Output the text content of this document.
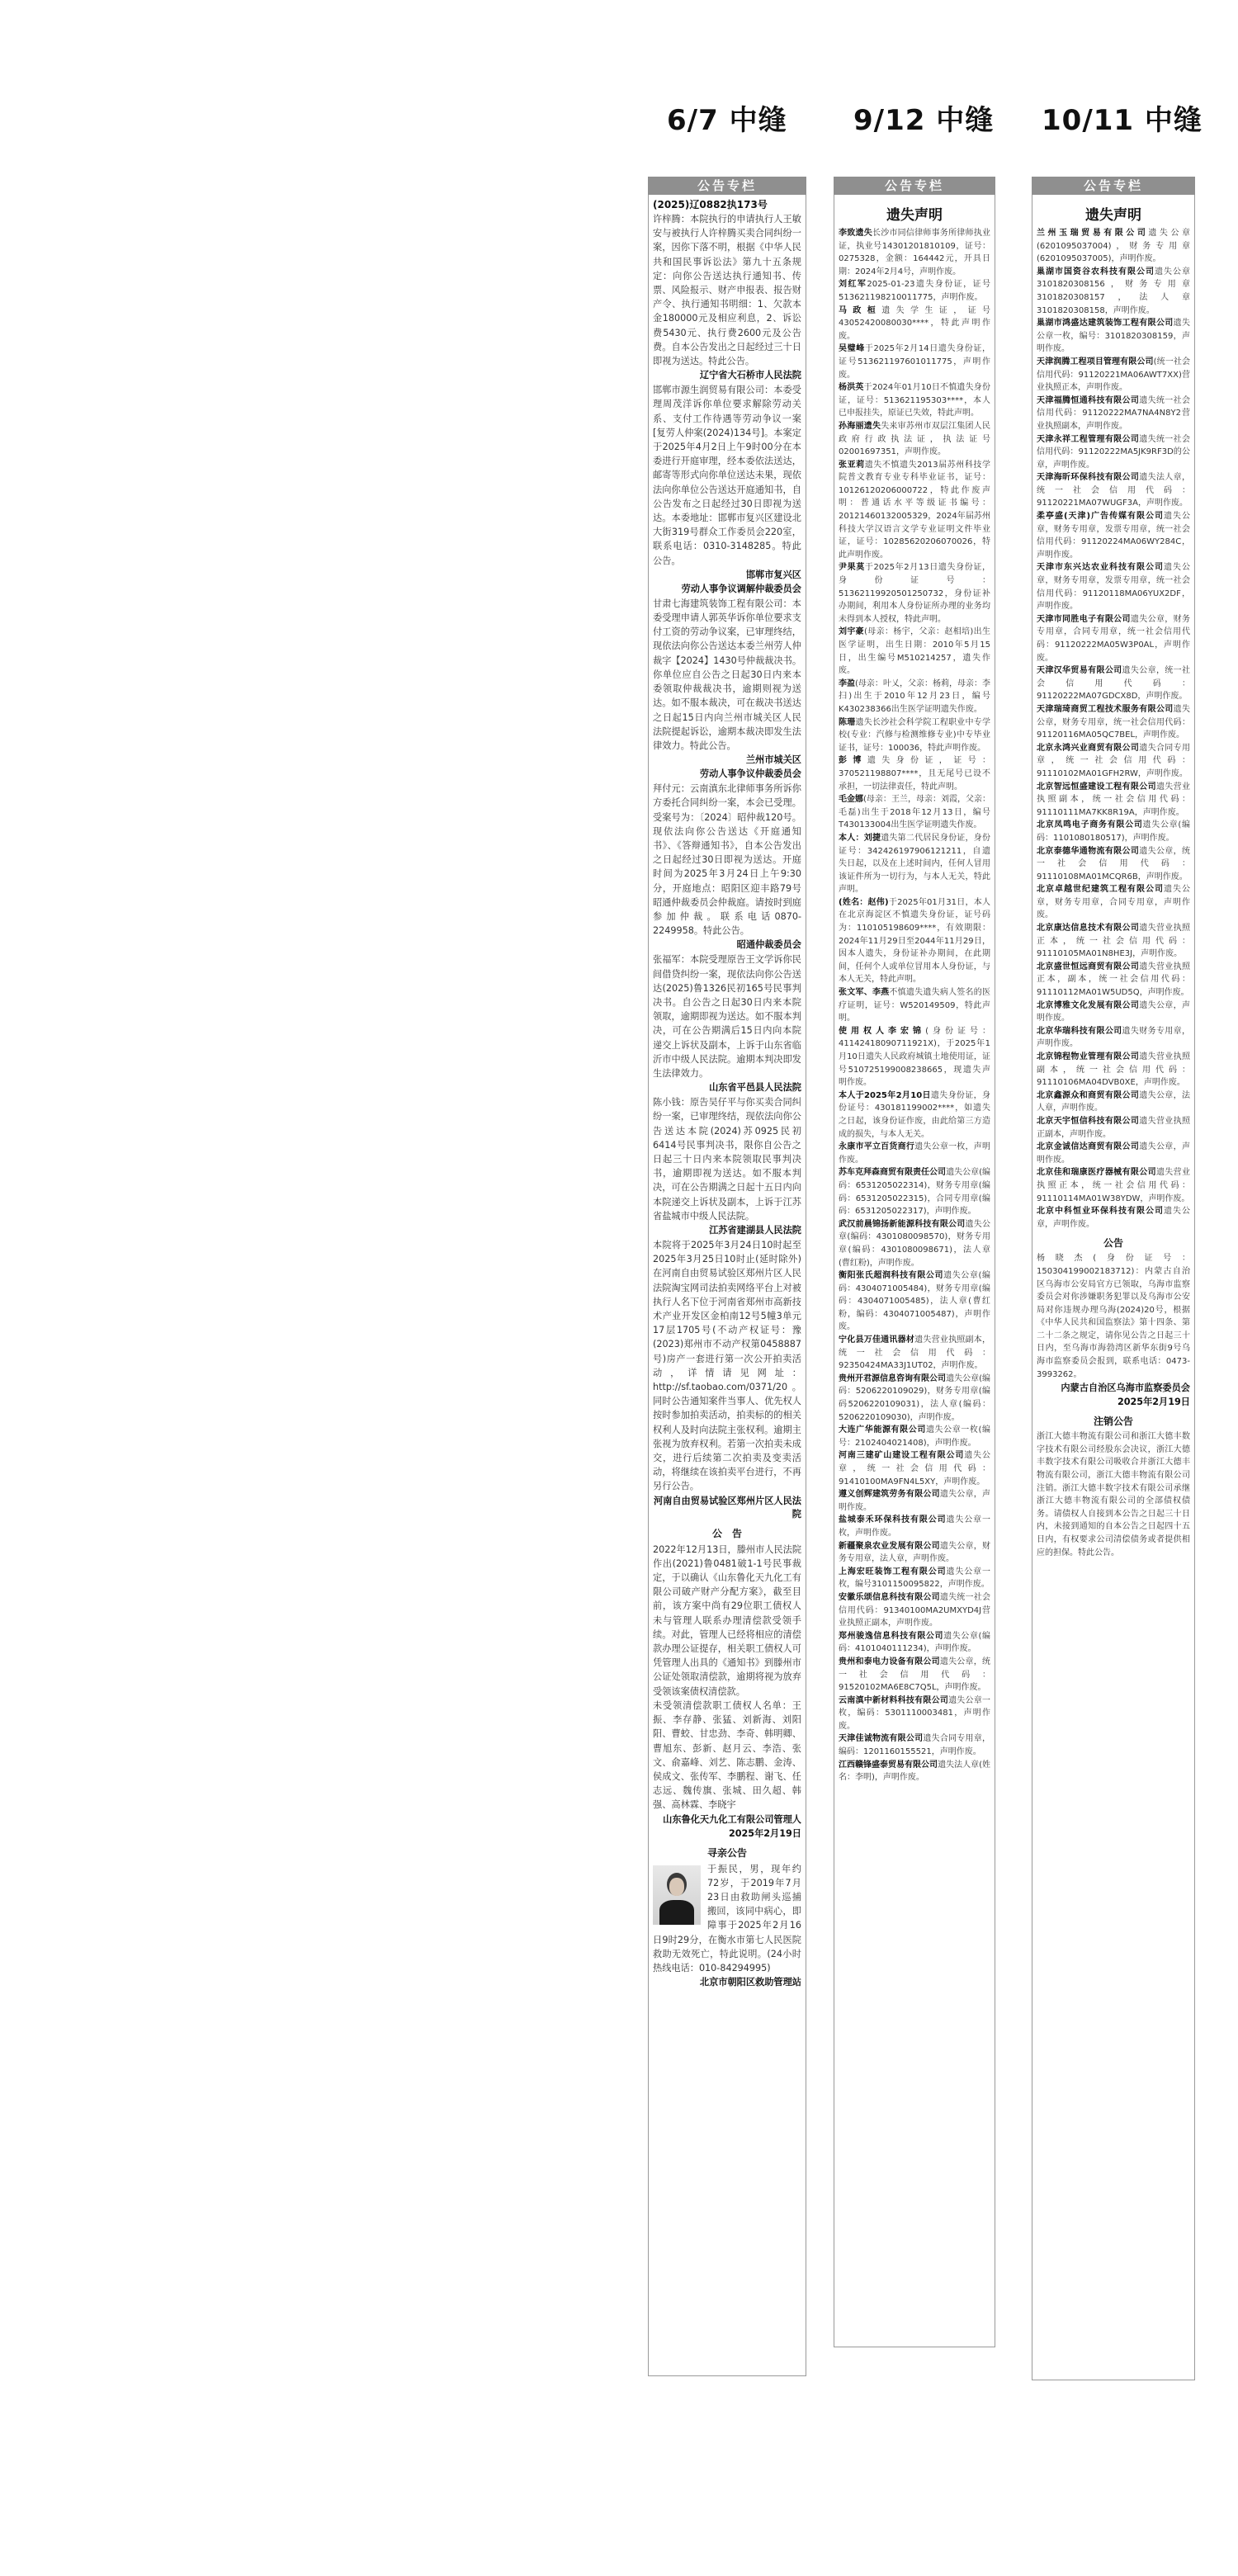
6/7 中缝 9/12 中缝 10/11 中缝
公告专栏
(2025)辽0882执173号

许梓腾：本院执行的申请执行人王敏安与被执行人许梓腾买卖合同纠纷一案，因你下落不明，根据《中华人民共和国民事诉讼法》第九十五条规定：向你公告送达执行通知书、传票、风险报示、财产申报表、报告财产令、执行通知书明细：1、欠款本金180000元及相应利息，2、诉讼费5430元、执行费2600元及公告费。自本公告发出之日起经过三十日即视为送达。特此公告。

辽宁省大石桥市人民法院

邯郸市源生润贸易有限公司：本委受理周茂洋诉你单位要求解除劳动关系、支付工作待遇等劳动争议一案[复劳人仲案(2024)134号]。本案定于2025年4月2日上午9时00分在本委进行开庭审理，经本委依法送达，邮寄等形式向你单位送达未果，现依法向你单位公告送达开庭通知书，自公告发布之日起经过30日即视为送达。本委地址：邯郸市复兴区建设北大街319号群众工作委员会220室，联系电话：0310-3148285。特此公告。

邯郸市复兴区
劳动人事争议调解仲裁委员会

甘肃七海建筑装饰工程有限公司：本委受理申请人郭英华诉你单位要求支付工资的劳动争议案，已审理终结，现依法向你公告送达本委兰州劳人仲裁字【2024】1430号仲裁裁决书。你单位应自公告之日起30日内来本委领取仲裁裁决书，逾期则视为送达。如不服本裁决，可在裁决书送达之日起15日内向兰州市城关区人民法院提起诉讼，逾期本裁决即发生法律效力。特此公告。

兰州市城关区
劳动人事争议仲裁委员会

拜付元：云南滇东北律师事务所诉你方委托合同纠纷一案，本会已受理。受案号为：〔2024〕昭仲裁120号。现依法向你公告送达《开庭通知书》、《答辩通知书》，自本公告发出之日起经过30日即视为送达。开庭时间为2025年3月24日上午9:30分，开庭地点：昭阳区迎丰路79号昭通仲裁委员会仲裁庭。请按时到庭参加仲裁。联系电话0870-2249958。特此公告。

昭通仲裁委员会

张福军：本院受理原告王文学诉你民间借贷纠纷一案，现依法向你公告送达(2025)鲁1326民初165号民事判决书。自公告之日起30日内来本院领取，逾期即视为送达。如不服本判决，可在公告期满后15日内向本院递交上诉状及副本，上诉于山东省临沂市中级人民法院。逾期本判决即发生法律效力。

山东省平邑县人民法院

陈小钱：原告吴仔平与你买卖合同纠纷一案，已审理终结，现依法向你公告送达本院(2024)苏0925民初6414号民事判决书，限你自公告之日起三十日内来本院领取民事判决书，逾期即视为送达。如不服本判决，可在公告期满之日起十五日内向本院递交上诉状及副本，上诉于江苏省盐城市中级人民法院。

江苏省建湖县人民法院

本院将于2025年3月24日10时起至2025年3月25日10时止(延时除外)在河南自由贸易试验区郑州片区人民法院淘宝网司法拍卖网络平台上对被执行人名下位于河南省郑州市高新技术产业开发区金柏南12号5幢3单元17层1705号(不动产权证号：豫(2023)郑州市不动产权第0458887号)房产一套进行第一次公开拍卖活动，详情请见网址：http://sf.taobao.com/0371/20。同时公告通知案件当事人、优先权人按时参加拍卖活动，拍卖标的的相关权利人及时向法院主张权利。逾期主张视为放弃权利。若第一次拍卖未成交，进行后续第二次拍卖及变卖活动，将继续在该拍卖平台进行，不再另行公告。

河南自由贸易试验区郑州片区人民法院
公　告

2022年12月13日，滕州市人民法院作出(2021)鲁0481破1-1号民事裁定，于以确认《山东鲁化天九化工有限公司破产财产分配方案》，截至目前，该方案中尚有29位职工债权人未与管理人联系办理清偿款受领手续。对此，管理人已经将相应的清偿款办理公证提存，相关职工债权人可凭管理人出具的《通知书》到滕州市公证处领取清偿款，逾期将视为放弃受领该案债权清偿款。

未受领清偿款职工债权人名单：王振、李存静、张猛、刘新海、刘阳阳、曹蛟、甘忠劲、李奇、韩明卿、曹旭东、彭新、赵月云、李浩、张文、俞嘉峰、刘艺、陈志鹏、金涛、侯成文、张传军、李鹏程、谢飞、任志远、魏传旗、张城、田久超、韩强、高林霖、李晓宇

山东鲁化天九化工有限公司管理人
2025年2月19日
寻亲公告

于振民，男，现年约72岁，于2019年7月23日由救助闸头巡捕搬回，该同中病心，即障事于2025年2月16日9时29分，在衡水市第七人民医院救助无效死亡，特此说明。(24小时热线电话：010-84294995)

北京市朝阳区救助管理站
公告专栏
遗失声明

李致遗失长沙市同信律师事务所律师执业证，执业号14301201810109，证号：0275328，金额：164442元，开具日期：2024年2月4号，声明作废。

刘红军2025-01-23遗失身份证，证号513621198210011775，声明作废。

马政桓遗失学生证，证号43052420080030****，特此声明作废。

吴璧峰于2025年2月14日遗失身份证，证号513621197601011775，声明作废。

杨洪英于2024年01月10日不慎遗失身份证，证号：513621195303****，本人已申报挂失，原证已失效，特此声明。

孙海丽遗失失来审苏州市双层江集团人民政府行政执法证，执法证号02001697351，声明作废。

张亚莉遗失不慎遗失2013届苏州科技学院普文教育专业专科毕业证书，证号：10126120206000722，特此作废声明：普通话水平等级证书编号：20121460132005329，2024年届苏州科技大学汉语言文学专业证明文件毕业证，证号：10285620206070026，特此声明作废。

尹果莫于2025年2月13日遗失身份证，身份证号：51362119920501250732，身份证补办期间，利用本人身份证所办理的业务均未得到本人授权，特此声明。

刘宇豪(母亲：杨宇，父亲：赵相培)出生医学证明，出生日期：2010年5月15日，出生编号M510214257，遗失作废。

李盈(母亲：叶乂，父亲：杨莉，母亲：李扫)出生于2010年12月23日，编号K430238366出生医学证明遗失作废。

陈珊遗失长沙社会科学院工程职业中专学校(专业：汽修与检测维修专业)中专毕业证书，证号：100036，特此声明作废。

彭博遗失身份证，证号：370521198807****，且无尾号已设不承担，一切法律责任，特此声明。

毛金娜(母亲：王兰，母亲：刘霞，父亲：毛磊)出生于2018年12月13日，编号T430133004出生医学证明遗失作废。

本人：刘捷遗失第二代居民身份证，身份证号：342426197906121211，自遗失日起，以及在上述时间内，任何人冒用该证件所为一切行为，与本人无关，特此声明。

(姓名：赵伟)于2025年01月31日，本人在北京海淀区不慎遗失身份证，证号码为：110105198609****，有效期限：2024年11月29日至2044年11月29日，因本人遗失，身份证补办期间，在此期间，任何个人或单位冒用本人身份证，与本人无关，特此声明。

张文军、李燕不慎遗失遗失病人签名的医疗证明，证号：W520149509，特此声明。

使用权人李宏锦(身份证号：41142418090711921X)，于2025年1月10日遗失人民政府城镇土地使用证，证号510725199008238665，现遗失声明作废。

本人于2025年2月10日遗失身份证，身份证号：430181199002****，如遗失之日起，该身份证作废，由此给第三方造成的损失，与本人无关。

永康市平立百货商行遗失公章一枚，声明作废。

苏车克拜森商贸有限责任公司遗失公章(编码：6531205022314)，财务专用章(编码：6531205022315)，合同专用章(编码：6531205022317)，声明作废。

武汉前晨锦扬新能源科技有限公司遗失公章(编码：4301080098570)，财务专用章(编码：4301080098671)，法人章(曹红粉)，声明作废。

衡阳张氏超润科技有限公司遗失公章(编码：4304071005484)，财务专用章(编码：4304071005485)，法人章(曹红粉，编码：4304071005487)，声明作废。

宁化县万佳通讯器材遗失营业执照副本，统一社会信用代码：92350424MA33J1UT02，声明作废。

贵州开君源信息咨询有限公司遗失公章(编码：5206220109029)，财务专用章(编码5206220109031)，法人章(编码：5206220109030)，声明作废。

大连广华能源有限公司遗失公章一枚(编号：2102404021408)，声明作废。

河南三建矿山建设工程有限公司遗失公章，统一社会信用代码：91410100MA9FN4L5XY，声明作废。

遵义创辉建筑劳务有限公司遗失公章，声明作废。

盐城泰禾环保科技有限公司遗失公章一枚，声明作废。

新疆聚泉农业发展有限公司遗失公章，财务专用章，法人章，声明作废。

上海宏旺装饰工程有限公司遗失公章一枚，编号3101150095822，声明作废。

安徽乐颂信息科技有限公司遗失统一社会信用代码：91340100MA2UMXYD4J营业执照正副本，声明作废。

郑州骏逸信息科技有限公司遗失公章(编码：4101040111234)，声明作废。

贵州和泰电力设备有限公司遗失公章，统一社会信用代码：91520102MA6E8C7Q5L，声明作废。

云南滇中新材料科技有限公司遗失公章一枚，编码：5301110003481，声明作废。

天津佳诚物流有限公司遗失合同专用章，编码：1201160155521，声明作废。

江西赣锋盛泰贸易有限公司遗失法人章(姓名：李明)，声明作废。

公告专栏
遗失声明

兰州玉瑞贸易有限公司遗失公章(6201095037004)，财务专用章(6201095037005)，声明作废。

巢湖市国资谷农科技有限公司遗失公章3101820308156，财务专用章3101820308157，法人章3101820308158，声明作废。

巢湖市鸿盛达建筑装饰工程有限公司遗失公章一枚，编号：3101820308159，声明作废。

天津润腾工程项目管理有限公司(统一社会信用代码：91120221MA06AWT7XX)营业执照正本，声明作废。

天津福腾恒通科技有限公司遗失统一社会信用代码：91120222MA7NA4N8Y2营业执照副本，声明作废。

天津永祥工程管理有限公司遗失统一社会信用代码：91120222MA5JK9RF3D的公章，声明作废。

天津海昕环保科技有限公司遗失法人章，统一社会信用代码：91120221MA07WUGF3A，声明作废。

柔亭盛(天津)广告传媒有限公司遗失公章，财务专用章，发票专用章，统一社会信用代码：91120224MA06WY284C，声明作废。

天津市东兴达农业科技有限公司遗失公章，财务专用章，发票专用章，统一社会信用代码：91120118MA06YUX2DF，声明作废。

天津市同胜电子有限公司遗失公章，财务专用章，合同专用章，统一社会信用代码：91120222MA05W3P0AL，声明作废。

天津汉华贸易有限公司遗失公章，统一社会信用代码：91120222MA07GDCX8D，声明作废。

天津瑞琦商贸工程技术服务有限公司遗失公章，财务专用章，统一社会信用代码：91120116MA05QC7BEL，声明作废。

北京永鸿兴业商贸有限公司遗失合同专用章，统一社会信用代码：91110102MA01GFH2RW，声明作废。

北京智远恒盛建设工程有限公司遗失营业执照副本，统一社会信用代码：91110111MA7KK8R19A，声明作废。

北京凤鸣电子商务有限公司遗失公章(编码：1101080180517)，声明作废。

北京泰德华通物流有限公司遗失公章，统一社会信用代码：91110108MA01MCQR6B，声明作废。

北京卓越世纪建筑工程有限公司遗失公章，财务专用章，合同专用章，声明作废。

北京康达信息技术有限公司遗失营业执照正本，统一社会信用代码：91110105MA01N8HE3J，声明作废。

北京盛世恒远商贸有限公司遗失营业执照正本，副本，统一社会信用代码：91110112MA01W5UD5Q，声明作废。

北京博雅文化发展有限公司遗失公章，声明作废。

北京华瑞科技有限公司遗失财务专用章，声明作废。

北京锦程物业管理有限公司遗失营业执照副本，统一社会信用代码：91110106MA04DVB0XE，声明作废。

北京鑫源众和商贸有限公司遗失公章，法人章，声明作废。

北京天宇恒信科技有限公司遗失营业执照正副本，声明作废。

北京金诚信达商贸有限公司遗失公章，声明作废。

北京佳和瑞康医疗器械有限公司遗失营业执照正本，统一社会信用代码：91110114MA01W38YDW，声明作废。

北京中科恒业环保科技有限公司遗失公章，声明作废。

公告

杨晓杰(身份证号：150304199002183712)：内蒙古自治区乌海市公安局官方已领取，乌海市监察委员会对你涉嫌职务犯罪以及乌海市公安局对你违规办理乌海(2024)20号，根据《中华人民共和国监察法》第十四条、第二十二条之规定，请你见公告之日起三十日内，至乌海市海勃湾区新华东街9号乌海市监察委员会报到，联系电话：0473-3993262。

内蒙古自治区乌海市监察委员会
2025年2月19日
注销公告

浙江大德丰物流有限公司和浙江大德丰数字技术有限公司经股东会决议，浙江大德丰数字技术有限公司吸收合并浙江大德丰物流有限公司，浙江大德丰物流有限公司注销。浙江大德丰数字技术有限公司承继浙江大德丰物流有限公司的全部债权债务。请债权人自接到本公告之日起三十日内，未接到通知的自本公告之日起四十五日内，有权要求公司清偿债务或者提供相应的担保。特此公告。
